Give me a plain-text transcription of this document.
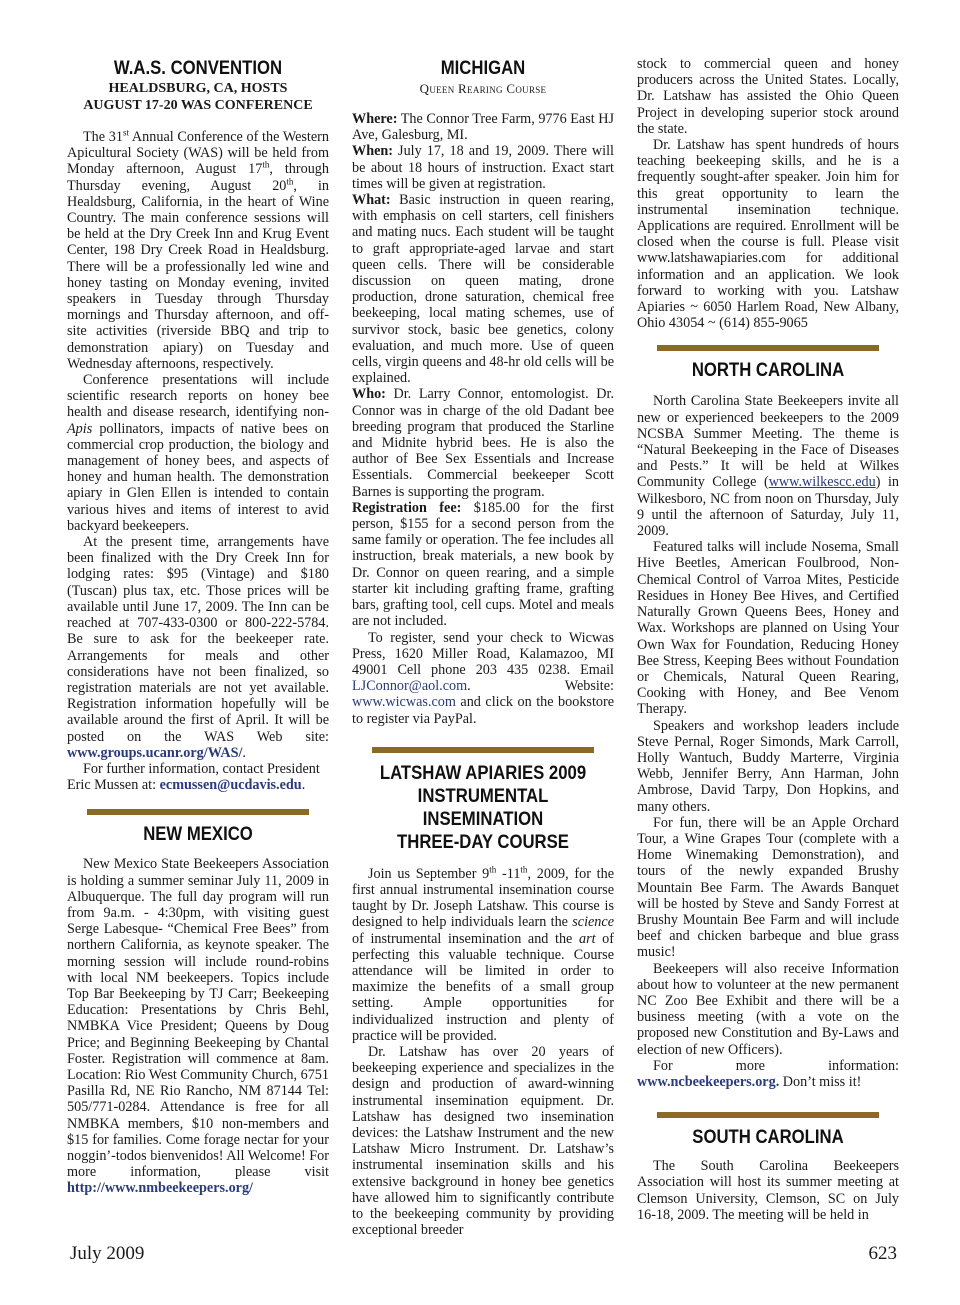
W.A.S. CONVENTION
HEALDSBURG, CA, HOSTS
AUGUST 17-20 WAS CONFERENCE

The 31st Annual Conference of the Western Apicultural Society (WAS) will be held from Monday afternoon, August 17th, through Thursday evening, August 20th, in Healdsburg, California, in the heart of Wine Country. The main conference sessions will be held at the Dry Creek Inn and Krug Event Center, 198 Dry Creek Road in Healdsburg. There will be a professionally led wine and honey tasting on Monday evening, invited speakers in Tuesday through Thursday mornings and Thursday afternoon, and off-site activities (riverside BBQ and trip to demonstration apiary) on Tuesday and Wednesday afternoons, respectively.

Conference presentations will include scientific research reports on honey bee health and disease research, identifying non-Apis pollinators, impacts of native bees on commercial crop production, the biology and management of honey bees, and aspects of honey and human health. The demonstration apiary in Glen Ellen is intended to contain various hives and items of interest to avid backyard beekeepers.

At the present time, arrangements have been finalized with the Dry Creek Inn for lodging rates: $95 (Vintage) and $180 (Tuscan) plus tax, etc. Those prices will be available until June 17, 2009. The Inn can be reached at 707-433-0300 or 800-222-5784. Be sure to ask for the beekeeper rate. Arrangements for meals and other considerations have not been finalized, so registration materials are not yet available. Registration information hopefully will be available around the first of April. It will be posted on the WAS Web site: www.groups.ucanr.org/WAS/.

For further information, contact President Eric Mussen at: ecmussen@ucdavis.edu.

NEW MEXICO

New Mexico State Beekeepers Association is holding a summer seminar July 11, 2009 in Albuquerque. The full day program will run from 9a.m. - 4:30pm, with visiting guest Serge Labesque- “Chemical Free Bees” from northern California, as keynote speaker. The morning session will include round-robins with local NM beekeepers. Topics include Top Bar Beekeeping by TJ Carr; Beekeeping Education: Presentations by Chris Behl, NMBKA Vice President; Queens by Doug Price; and Beginning Beekeeping by Chantal Foster. Registration will commence at 8am. Location: Rio West Community Church, 6751 Pasilla Rd, NE Rio Rancho, NM 87144 Tel: 505/771-0284. Attendance is free for all NMBKA members, $10 non-members and $15 for families. Come forage nectar for your noggin’-todos bienvenidos! All Welcome! For more information, please visit http://www.nmbeekeepers.org/

MICHIGAN
Queen Rearing Course

Where: The Connor Tree Farm, 9776 East HJ Ave, Galesburg, MI.

When: July 17, 18 and 19, 2009. There will be about 18 hours of instruction. Exact start times will be given at registration.

What: Basic instruction in queen rearing, with emphasis on cell starters, cell finishers and mating nucs. Each student will be taught to graft appropriate-aged larvae and start queen cells. There will be considerable discussion on queen mating, drone production, drone saturation, chemical free beekeeping, local mating schemes, use of survivor stock, basic bee genetics, colony evaluation, and much more. Use of queen cells, virgin queens and 48-hr old cells will be explained.

Who: Dr. Larry Connor, entomologist. Dr. Connor was in charge of the old Dadant bee breeding program that produced the Starline and Midnite hybrid bees. He is also the author of Bee Sex Essentials and Increase Essentials. Commercial beekeeper Scott Barnes is supporting the program.

Registration fee: $185.00 for the first person, $155 for a second person from the same family or operation. The fee includes all instruction, break materials, a new book by Dr. Connor on queen rearing, and a simple starter kit including grafting frame, grafting bars, grafting tool, cell cups. Motel and meals are not included.

To register, send your check to Wicwas Press, 1620 Miller Road, Kalamazoo, MI 49001 Cell phone 203 435 0238. Email LJConnor@aol.com. Website: www.wicwas.com and click on the bookstore to register via PayPal.

LATSHAW APIARIES 2009
INSTRUMENTAL INSEMINATION
THREE-DAY COURSE

Join us September 9th -11th, 2009, for the first annual instrumental insemination course taught by Dr. Joseph Latshaw. This course is designed to help individuals learn the science of instrumental insemination and the art of perfecting this valuable technique. Course attendance will be limited in order to maximize the benefits of a small group setting. Ample opportunities for individualized instruction and plenty of practice will be provided.

Dr. Latshaw has over 20 years of beekeeping experience and specializes in the design and production of award-winning instrumental insemination equipment. Dr. Latshaw has designed two insemination devices: the Latshaw Instrument and the new Latshaw Micro Instrument. Dr. Latshaw’s instrumental insemination skills and his extensive background in honey bee genetics have allowed him to significantly contribute to the beekeeping community by providing exceptional breeder

stock to commercial queen and honey producers across the United States. Locally, Dr. Latshaw has assisted the Ohio Queen Project in developing superior stock around the state.

Dr. Latshaw has spent hundreds of hours teaching beekeeping skills, and he is a frequently sought-after speaker. Join him for this great opportunity to learn the instrumental insemination technique. Applications are required. Enrollment will be closed when the course is full. Please visit www.latshawapiaries.com for additional information and an application. We look forward to working with you. Latshaw Apiaries ~ 6050 Harlem Road, New Albany, Ohio 43054 ~ (614) 855-9065

NORTH CAROLINA

North Carolina State Beekeepers invite all new or experienced beekeepers to the 2009 NCSBA Summer Meeting. The theme is “Natural Beekeeping in the Face of Diseases and Pests.” It will be held at Wilkes Community College (www.wilkescc.edu) in Wilkesboro, NC from noon on Thursday, July 9 until the afternoon of Saturday, July 11, 2009.

Featured talks will include Nosema, Small Hive Beetles, American Foulbrood, Non-Chemical Control of Varroa Mites, Pesticide Residues in Honey Bee Hives, and Certified Naturally Grown Queens Bees, Honey and Wax. Workshops are planned on Using Your Own Wax for Foundation, Reducing Honey Bee Stress, Keeping Bees without Foundation or Chemicals, Natural Queen Rearing, Cooking with Honey, and Bee Venom Therapy.

Speakers and workshop leaders include Steve Pernal, Roger Simonds, Mark Carroll, Holly Wantuch, Buddy Marterre, Virginia Webb, Jennifer Berry, Ann Harman, John Ambrose, David Tarpy, Don Hopkins, and many others.

For fun, there will be an Apple Orchard Tour, a Wine Grapes Tour (complete with a Home Winemaking Demonstration), and tours of the newly expanded Brushy Mountain Bee Farm. The Awards Banquet will be hosted by Steve and Sandy Forrest at Brushy Mountain Bee Farm and will include beef and chicken barbeque and blue grass music!

Beekeepers will also receive Information about how to volunteer at the new permanent NC Zoo Bee Exhibit and there will be a business meeting (with a vote on the proposed new Constitution and By-Laws and election of new Officers).

For more information: www.ncbeekeepers.org. Don’t miss it!

SOUTH CAROLINA

The South Carolina Beekeepers Association will host its summer meeting at Clemson University, Clemson, SC on July 16-18, 2009. The meeting will be held in

July 2009	623
